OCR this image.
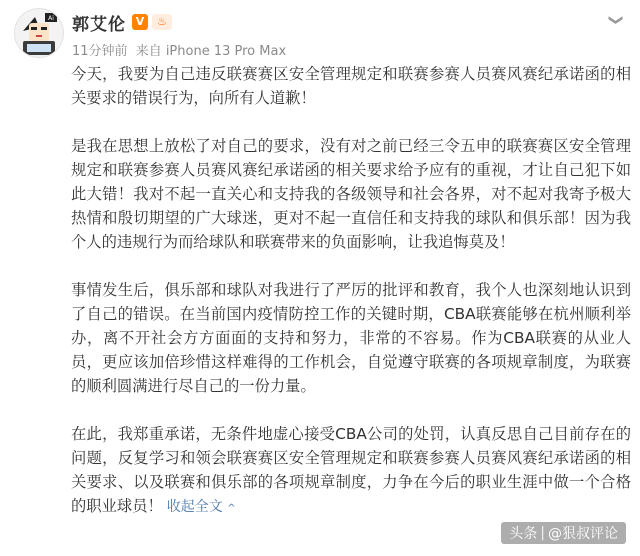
Ai 郭艾伦 V	♨
11分钟前 来自 iPhone 13 Pro Max
❯

今天，我要为自己违反联赛赛区安全管理规定和联赛参赛人员赛风赛纪承诺函的相关要求的错误行为，向所有人道歉！

是我在思想上放松了对自己的要求，没有对之前已经三令五申的联赛赛区安全管理规定和联赛参赛人员赛风赛纪承诺函的相关要求给予应有的重视，才让自己犯下如此大错！我对不起一直关心和支持我的各级领导和社会各界，对不起对我寄予极大热情和殷切期望的广大球迷，更对不起一直信任和支持我的球队和俱乐部！因为我个人的违规行为而给球队和联赛带来的负面影响，让我追悔莫及！

事情发生后，俱乐部和球队对我进行了严厉的批评和教育，我个人也深刻地认识到了自己的错误。在当前国内疫情防控工作的关键时期，CBA联赛能够在杭州顺利举办，离不开社会方方面面的支持和努力，非常的不容易。作为CBA联赛的从业人员，更应该加倍珍惜这样难得的工作机会，自觉遵守联赛的各项规章制度，为联赛的顺利圆满进行尽自己的一份力量。

在此，我郑重承诺，无条件地虚心接受CBA公司的处罚，认真反思自己目前存在的问题，反复学习和领会联赛赛区安全管理规定和联赛参赛人员赛风赛纪承诺函的相关要求、以及联赛和俱乐部的各项规章制度，力争在今后的职业生涯中做一个合格的职业球员！ 收起全文 ^

头条 | @狠叔评论
